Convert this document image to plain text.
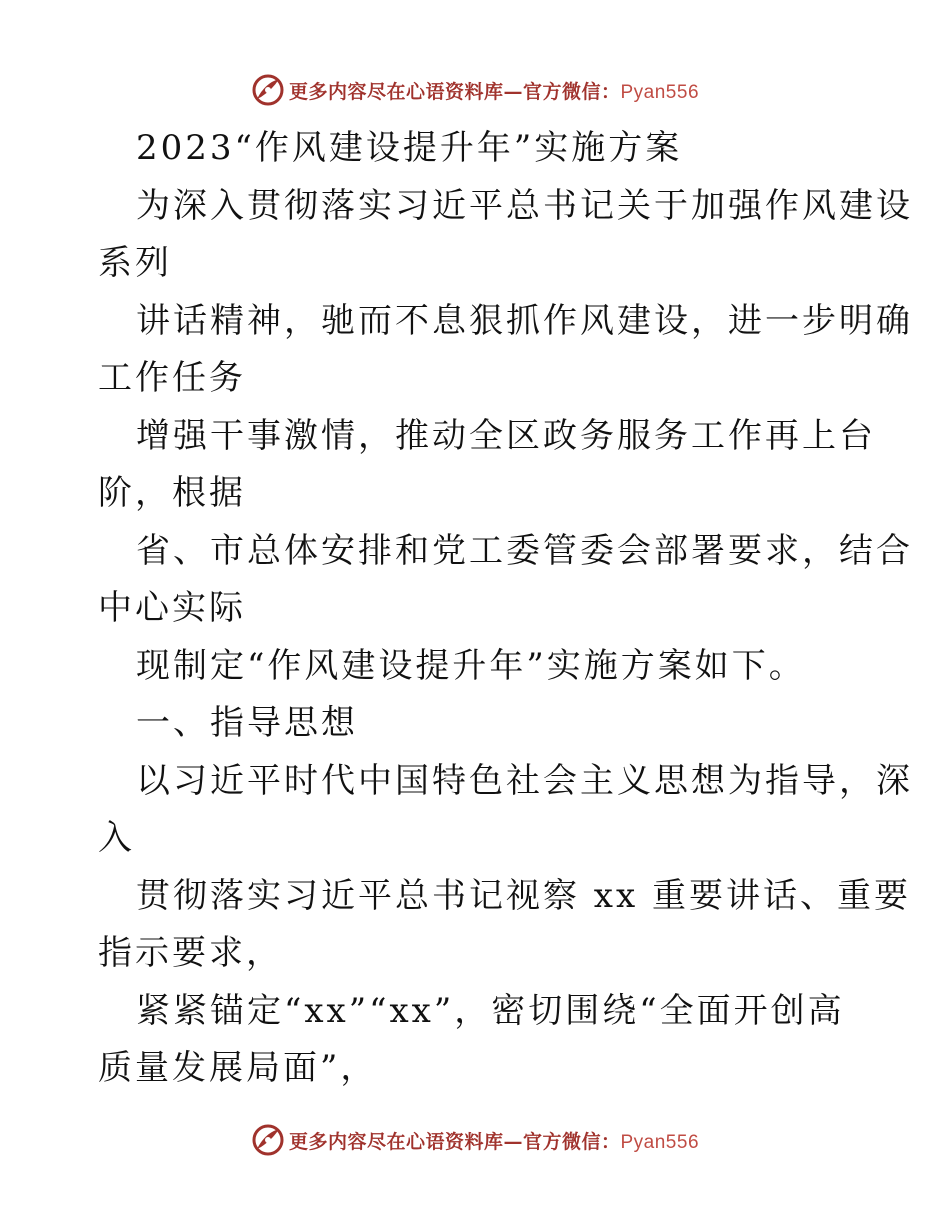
更多内容尽在心语资料库—官方微信：Pyan556
2023“作风建设提升年”实施方案
为深入贯彻落实习近平总书记关于加强作风建设
系列
讲话精神，驰而不息狠抓作风建设，进一步明确
工作任务
增强干事激情，推动全区政务服务工作再上台
阶，根据
省、市总体安排和党工委管委会部署要求，结合
中心实际
现制定“作风建设提升年”实施方案如下。
一、指导思想
以习近平时代中国特色社会主义思想为指导，深
入
贯彻落实习近平总书记视察 xx 重要讲话、重要
指示要求，
紧紧锚定“xx”“xx”，密切围绕“全面开创高
质量发展局面”，
更多内容尽在心语资料库—官方微信：Pyan556
